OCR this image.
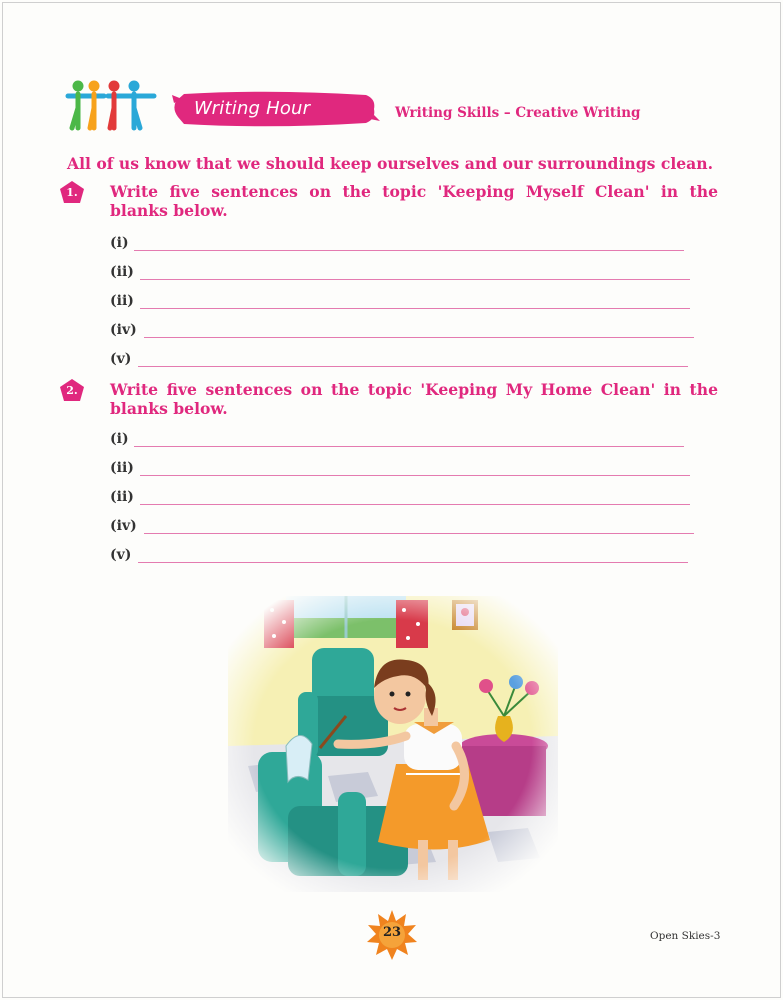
Writing Hour	Writing Skills – Creative Writing
All of us know that we should keep ourselves and our surroundings clean.
1.	Write five sentences on the topic 'Keeping Myself Clean' in the blanks below.
(i)
(ii)
(ii)
(iv)
(v)
2.	Write five sentences on the topic 'Keeping My Home Clean' in the blanks below.
(i)
(ii)
(ii)
(iv)
(v)
23	Open Skies-3
